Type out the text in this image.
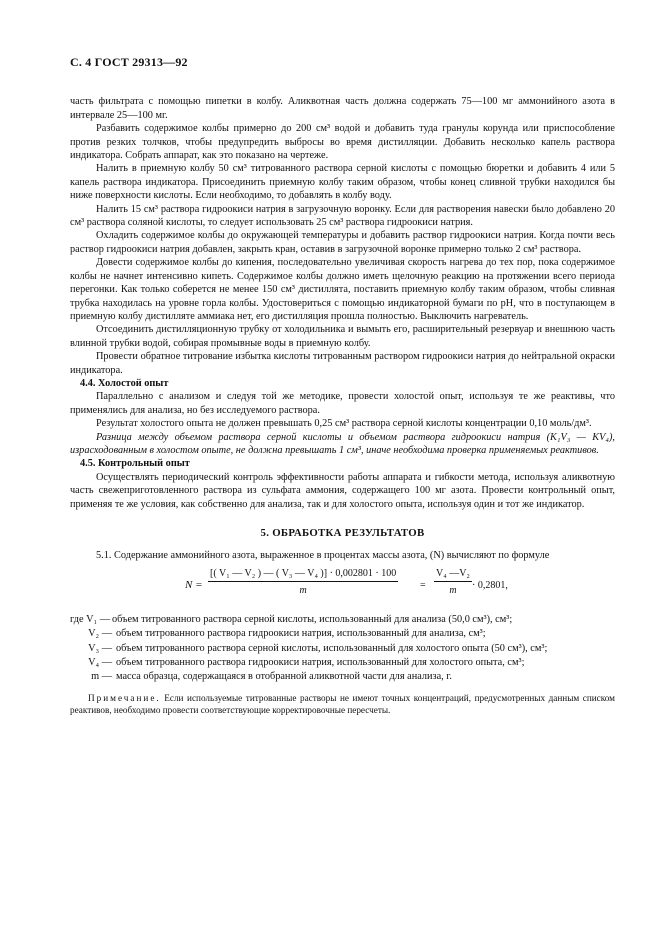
С. 4 ГОСТ 29313—92

часть фильтрата с помощью пипетки в колбу. Аликвотная часть должна содержать 75—100 мг аммонийного азота в интервале 25—100 мг.

Разбавить содержимое колбы примерно до 200 см³ водой и добавить туда гранулы корунда или приспособление против резких толчков, чтобы предупредить выбросы во время дистилляции. Добавить несколько капель раствора индикатора. Собрать аппарат, как это показано на чертеже.

Налить в приемную колбу 50 см³ титрованного раствора серной кислоты с помощью бюретки и добавить 4 или 5 капель раствора индикатора. Присоединить приемную колбу таким образом, чтобы конец сливной трубки находился бы ниже поверхности кислоты. Если необходимо, то добавлять в колбу воду.

Налить 15 см³ раствора гидроокиси натрия в загрузочную воронку. Если для растворения навески было добавлено 20 см³ раствора соляной кислоты, то следует использовать 25 см³ раствора гидроокиси натрия.

Охладить содержимое колбы до окружающей температуры и добавить раствор гидроокиси натрия. Когда почти весь раствор гидроокиси натрия добавлен, закрыть кран, оставив в загрузочной воронке примерно только 2 см³ раствора.

Довести содержимое колбы до кипения, последовательно увеличивая скорость нагрева до тех пор, пока содержимое колбы не начнет интенсивно кипеть. Содержимое колбы должно иметь щелочную реакцию на протяжении всего периода перегонки. Как только соберется не менее 150 см³ дистиллята, поставить приемную колбу таким образом, чтобы сливная трубка находилась на уровне горла колбы. Удостовериться с помощью индикаторной бумаги по pH, что в поступающем в приемную колбу дистилляте аммиака нет, его дистилляция прошла полностью. Выключить нагреватель.

Отсоединить дистилляционную трубку от холодильника и вымыть его, расширительный резервуар и внешнюю часть влинной трубки водой, собирая промывные воды в приемную колбу.

Провести обратное титрование избытка кислоты титрованным раствором гидроокиси натрия до нейтральной окраски индикатора.

4.4. Холостой опыт

Параллельно с анализом и следуя той же методике, провести холостой опыт, используя те же реактивы, что применялись для анализа, но без исследуемого раствора.

Результат холостого опыта не должен превышать 0,25 см³ раствора серной кислоты концентрации 0,10 моль/дм³.

Разница между объемом раствора серной кислоты и объемом раствора гидроокиси натрия (K₁V₃ — KV₄), израсходованным в холостом опыте, не должна превышать 1 см³, иначе необходима проверка применяемых реактивов.

4.5. Контрольный опыт

Осуществлять периодический контроль эффективности работы аппарата и гибкости метода, используя аликвотную часть свежеприготовленного раствора из сульфата аммония, содержащего 100 мг азота. Провести контрольный опыт, применяя те же условия, как собственно для анализа, так и для холостого опыта, используя один и тот же индикатор.

5. ОБРАБОТКА РЕЗУЛЬТАТОВ

5.1. Содержание аммонийного азота, выраженное в процентах массы азота, (N) вычисляют по формуле

$N = \frac{\text{[( V₁ — V₂ ) — ( V₃ — V₄ )] · 0,002801 · 100}}{m} = \frac{\text{V₄ —V₂}}{m} \cdot 0,2801$,
где V₁ — объем титрованного раствора серной кислоты, использованный для анализа (50,0 см³), см³;
V₂ — объем титрованного раствора гидроокиси натрия, использованный для анализа, см³;
V₃ — объем титрованного раствора серной кислоты, использованный для холостого опыта (50 см³), см³;
V₄ — объем титрованного раствора гидроокиси натрия, использованный для холостого опыта, см³;
m — масса образца, содержащаяся в отобранной аликвотной части для анализа, г.

Примечание. Если используемые титрованные растворы не имеют точных концентраций, предусмотренных данным списком реактивов, необходимо провести соответствующие корректировочные пересчеты.
